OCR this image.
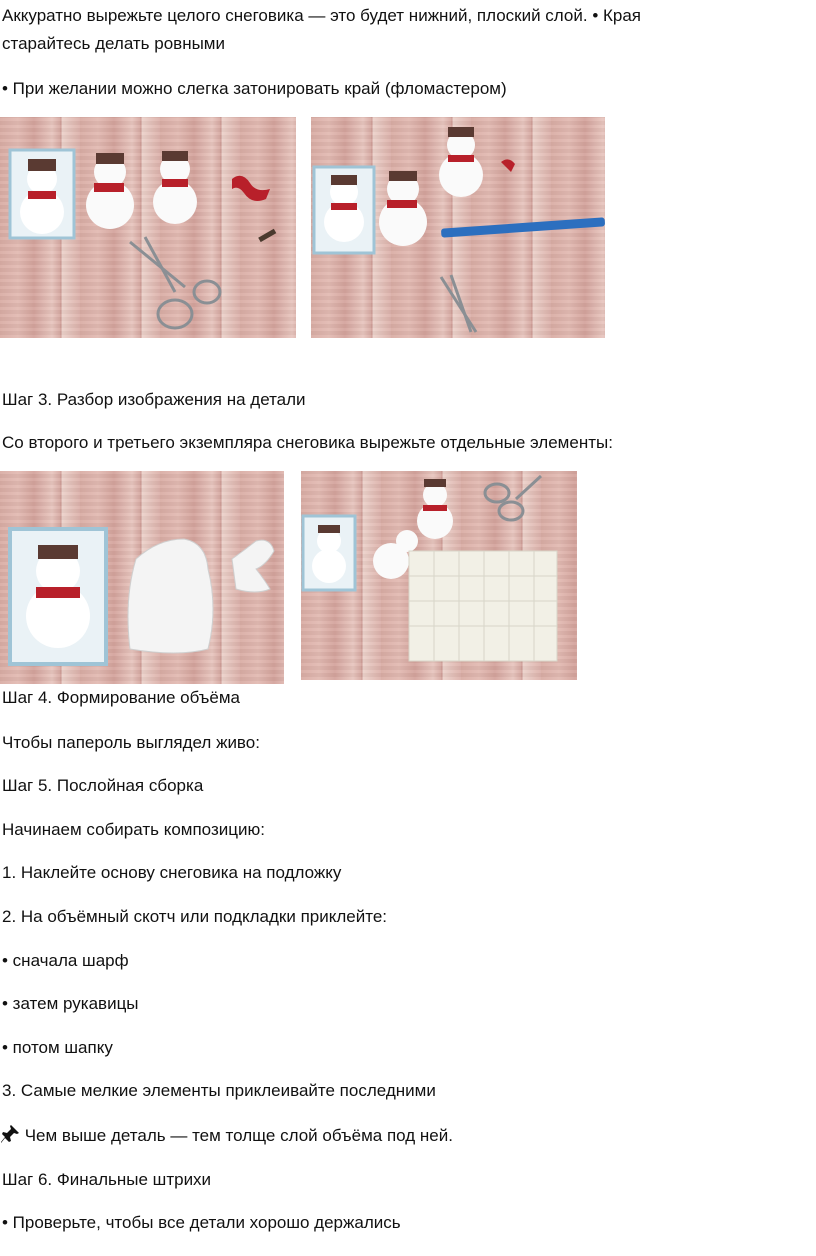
Аккуратно вырежьте целого снеговика — это будет нижний, плоский слой. • Края
старайтесь делать ровными
• При желании можно слегка затонировать край (фломастером)
Шаг 3. Разбор изображения на детали
Со второго и третьего экземпляра снеговика вырежьте отдельные элементы:
Шаг 4. Формирование объёма
Чтобы папероль выглядел живо:
Шаг 5. Послойная сборка
Начинаем собирать композицию:
1. Наклейте основу снеговика на подложку
2. На объёмный скотч или подкладки приклейте:
• сначала шарф
• затем рукавицы
• потом шапку
3. Самые мелкие элементы приклеивайте последними
Чем выше деталь — тем толще слой объёма под ней.
Шаг 6. Финальные штрихи
• Проверьте, чтобы все детали хорошо держались
